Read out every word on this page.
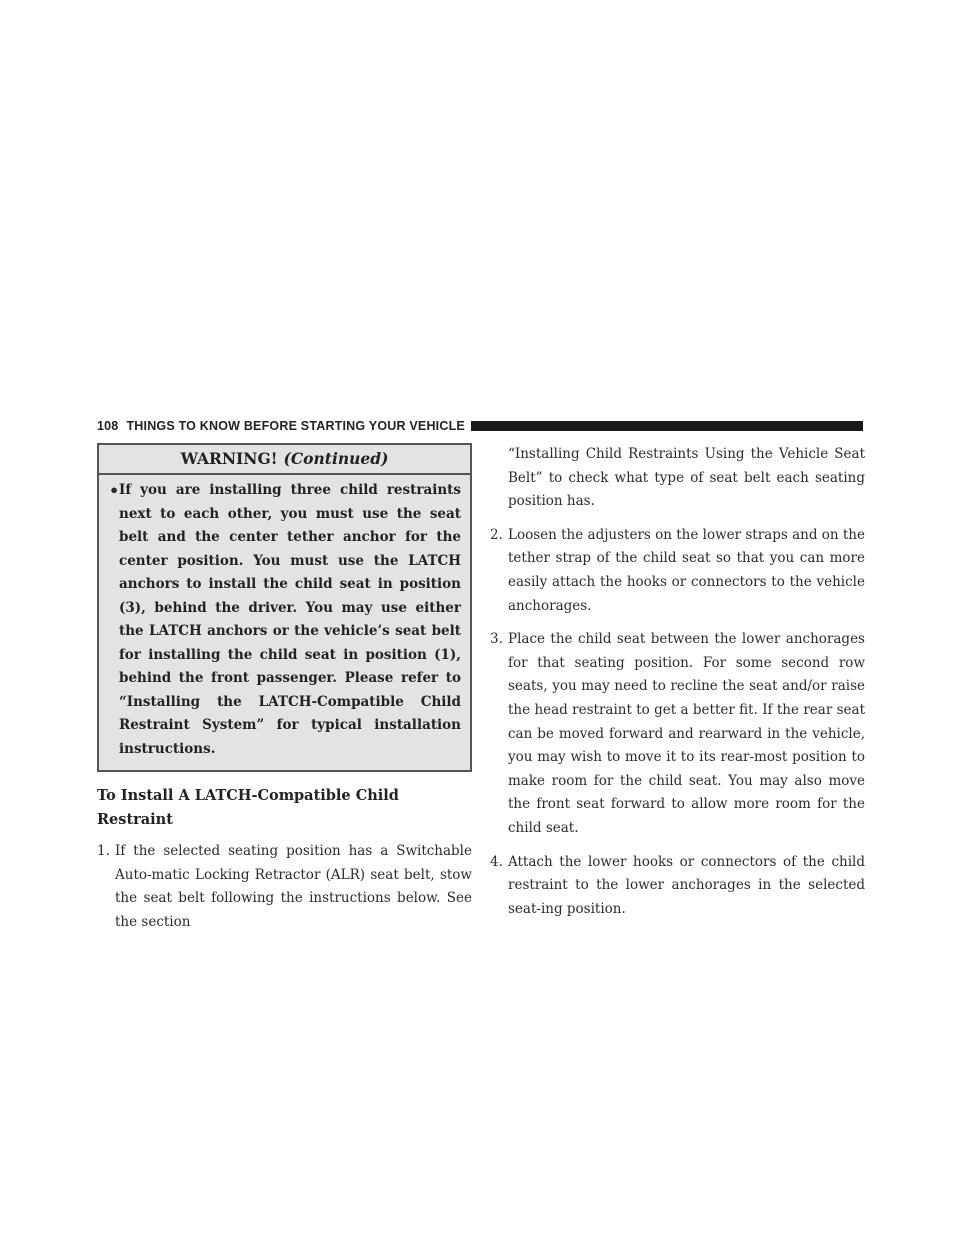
108 THINGS TO KNOW BEFORE STARTING YOUR VEHICLE
WARNING! (Continued)
• If you are installing three child restraints next to each other, you must use the seat belt and the center tether anchor for the center position. You must use the LATCH anchors to install the child seat in position (3), behind the driver. You may use either the LATCH anchors or the vehicle’s seat belt for installing the child seat in position (1), behind the front passenger. Please refer to “Installing the LATCH-Compatible Child Restraint System” for typical installation instructions.

To Install A LATCH-Compatible Child Restraint
1. If the selected seating position has a Switchable Auto-matic Locking Retractor (ALR) seat belt, stow the seat belt following the instructions below. See the section

“Installing Child Restraints Using the Vehicle Seat Belt” to check what type of seat belt each seating position has.

2. Loosen the adjusters on the lower straps and on the tether strap of the child seat so that you can more easily attach the hooks or connectors to the vehicle anchorages.
3. Place the child seat between the lower anchorages for that seating position. For some second row seats, you may need to recline the seat and/or raise the head restraint to get a better fit. If the rear seat can be moved forward and rearward in the vehicle, you may wish to move it to its rear-most position to make room for the child seat. You may also move the front seat forward to allow more room for the child seat.
4. Attach the lower hooks or connectors of the child restraint to the lower anchorages in the selected seat-ing position.
